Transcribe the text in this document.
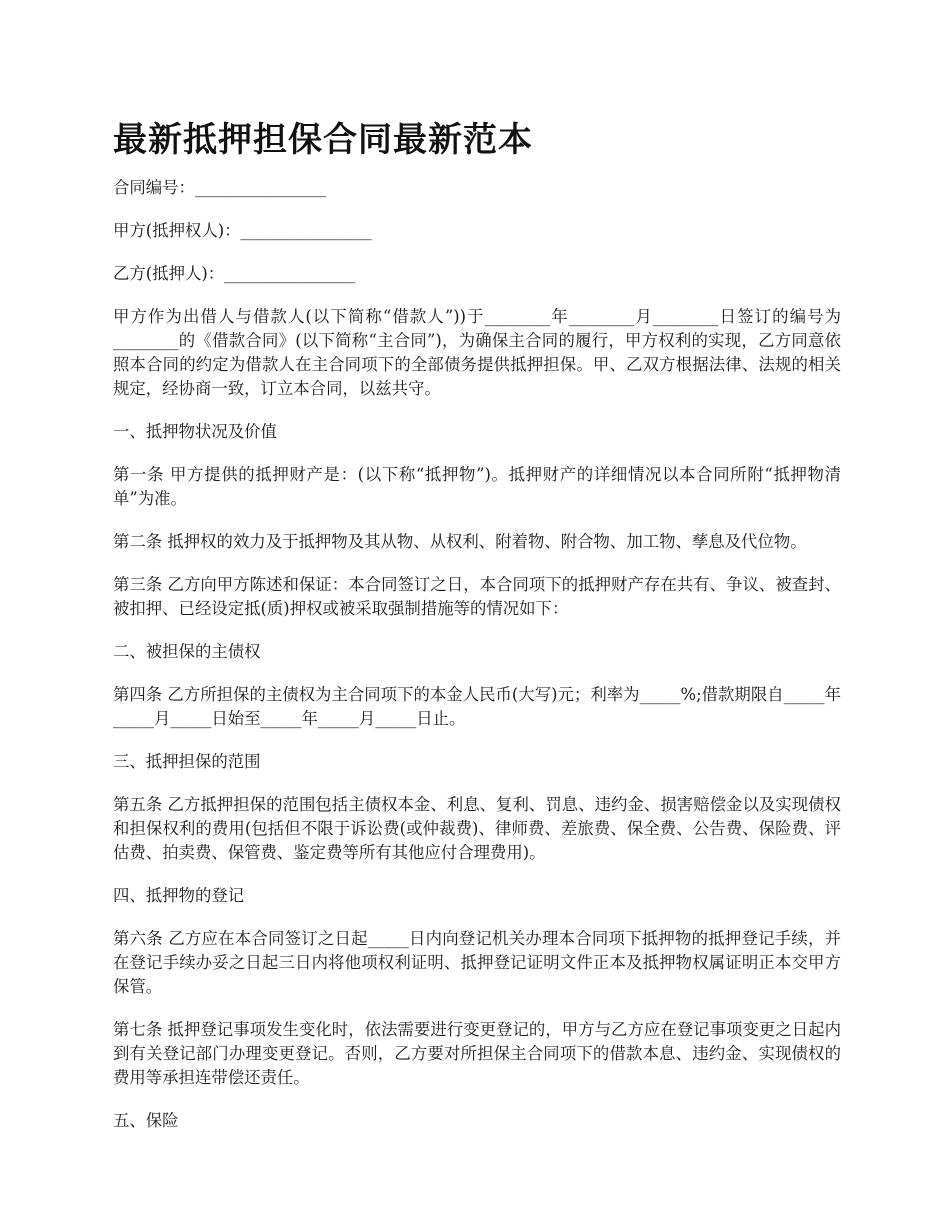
最新抵押担保合同最新范本

合同编号：________________

甲方(抵押权人)：________________

乙方(抵押人)：________________

甲方作为出借人与借款人(以下简称“借款人”))于________年________月________日签订的编号为________的《借款合同》(以下简称“主合同”)，为确保主合同的履行，甲方权利的实现，乙方同意依照本合同的约定为借款人在主合同项下的全部债务提供抵押担保。甲、乙双方根据法律、法规的相关规定，经协商一致，订立本合同，以兹共守。

一、抵押物状况及价值

第一条 甲方提供的抵押财产是：(以下称“抵押物”)。抵押财产的详细情况以本合同所附“抵押物清单”为准。

第二条 抵押权的效力及于抵押物及其从物、从权利、附着物、附合物、加工物、孳息及代位物。

第三条 乙方向甲方陈述和保证：本合同签订之日，本合同项下的抵押财产存在共有、争议、被查封、被扣押、已经设定抵(质)押权或被采取强制措施等的情况如下：

二、被担保的主债权

第四条 乙方所担保的主债权为主合同项下的本金人民币(大写)元；利率为_____%;借款期限自_____年_____月_____日始至_____年_____月_____日止。

三、抵押担保的范围

第五条 乙方抵押担保的范围包括主债权本金、利息、复利、罚息、违约金、损害赔偿金以及实现债权和担保权利的费用(包括但不限于诉讼费(或仲裁费)、律师费、差旅费、保全费、公告费、保险费、评估费、拍卖费、保管费、鉴定费等所有其他应付合理费用)。

四、抵押物的登记

第六条 乙方应在本合同签订之日起_____日内向登记机关办理本合同项下抵押物的抵押登记手续，并在登记手续办妥之日起三日内将他项权利证明、抵押登记证明文件正本及抵押物权属证明正本交甲方保管。

第七条 抵押登记事项发生变化时，依法需要进行变更登记的，甲方与乙方应在登记事项变更之日起内到有关登记部门办理变更登记。否则，乙方要对所担保主合同项下的借款本息、违约金、实现债权的费用等承担连带偿还责任。

五、保险
